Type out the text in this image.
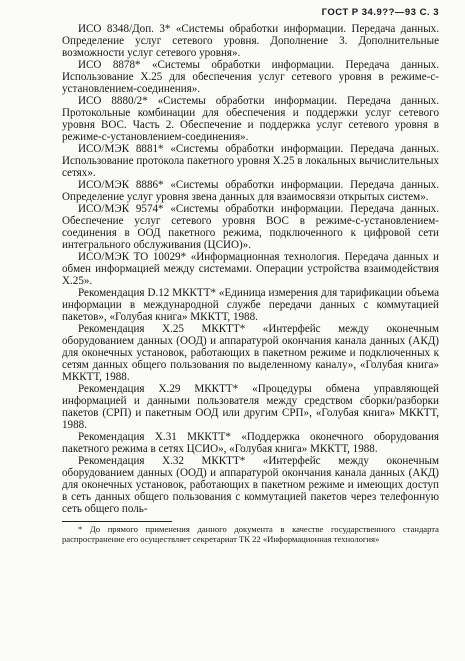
ГОСТ Р 34.9??—93 С. 3

ИСО 8348/Доп. 3* «Системы обработки информации. Передача данных. Определение услуг сетевого уровня. Дополнение 3. Дополнительные возможности услуг сетевого уровня».

ИСО 8878* «Системы обработки информации. Передача данных. Использование X.25 для обеспечения услуг сетевого уровня в режиме-с-установлением-соединения».

ИСО 8880/2* «Системы обработки информации. Передача данных. Протокольные комбинации для обеспечения и поддержки услуг сетевого уровня ВОС. Часть 2. Обеспечение и поддержка услуг сетевого уровня в режиме-с-установлением-соединения».

ИСО/МЭК 8881* «Системы обработки информации. Передача данных. Использование протокола пакетного уровня X.25 в локальных вычислительных сетях».

ИСО/МЭК 8886* «Системы обработки информации. Передача данных. Определение услуг уровня звена данных для взаимосвязи открытых систем».

ИСО/МЭК 9574* «Системы обработки информации. Передача данных. Обеспечение услуг сетевого уровня ВОС в режиме-с-установлением-соединения в ООД пакетного режима, подключенного к цифровой сети интегрального обслуживания (ЦСИО)».

ИСО/МЭК ТО 10029* «Информационная технология. Передача данных и обмен информацией между системами. Операции устройства взаимодействия X.25».

Рекомендация D.12 МККТТ* «Единица измерения для тарификации объема информации в международной службе передачи данных с коммутацией пакетов», «Голубая книга» МККТТ, 1988.

Рекомендация X.25 МККТТ* «Интерфейс между оконечным оборудованием данных (ООД) и аппаратурой окончания канала данных (АКД) для оконечных установок, работающих в пакетном режиме и подключенных к сетям данных общего пользования по выделенному каналу», «Голубая книга» МККТТ, 1988.

Рекомендация X.29 МККТТ* «Процедуры обмена управляющей информацией и данными пользователя между средством сборки/разборки пакетов (СРП) и пакетным ООД или другим СРП», «Голубая книга» МККТТ, 1988.

Рекомендация X.31 МККТТ* «Поддержка оконечного оборудования пакетного режима в сетях ЦСИО», «Голубая книга» МККТТ, 1988.

Рекомендация X.32 МККТТ* «Интерфейс между оконечным оборудованием данных (ООД) и аппаратурой окончания канала данных (АКД) для оконечных установок, работающих в пакетном режиме и имеющих доступ в сеть данных общего пользования с коммутацией пакетов через телефонную сеть общего поль-

* До прямого применения данного документа в качестве государственного стандарта распространение его осуществляет секретариат ТК 22 «Информационная технология»
